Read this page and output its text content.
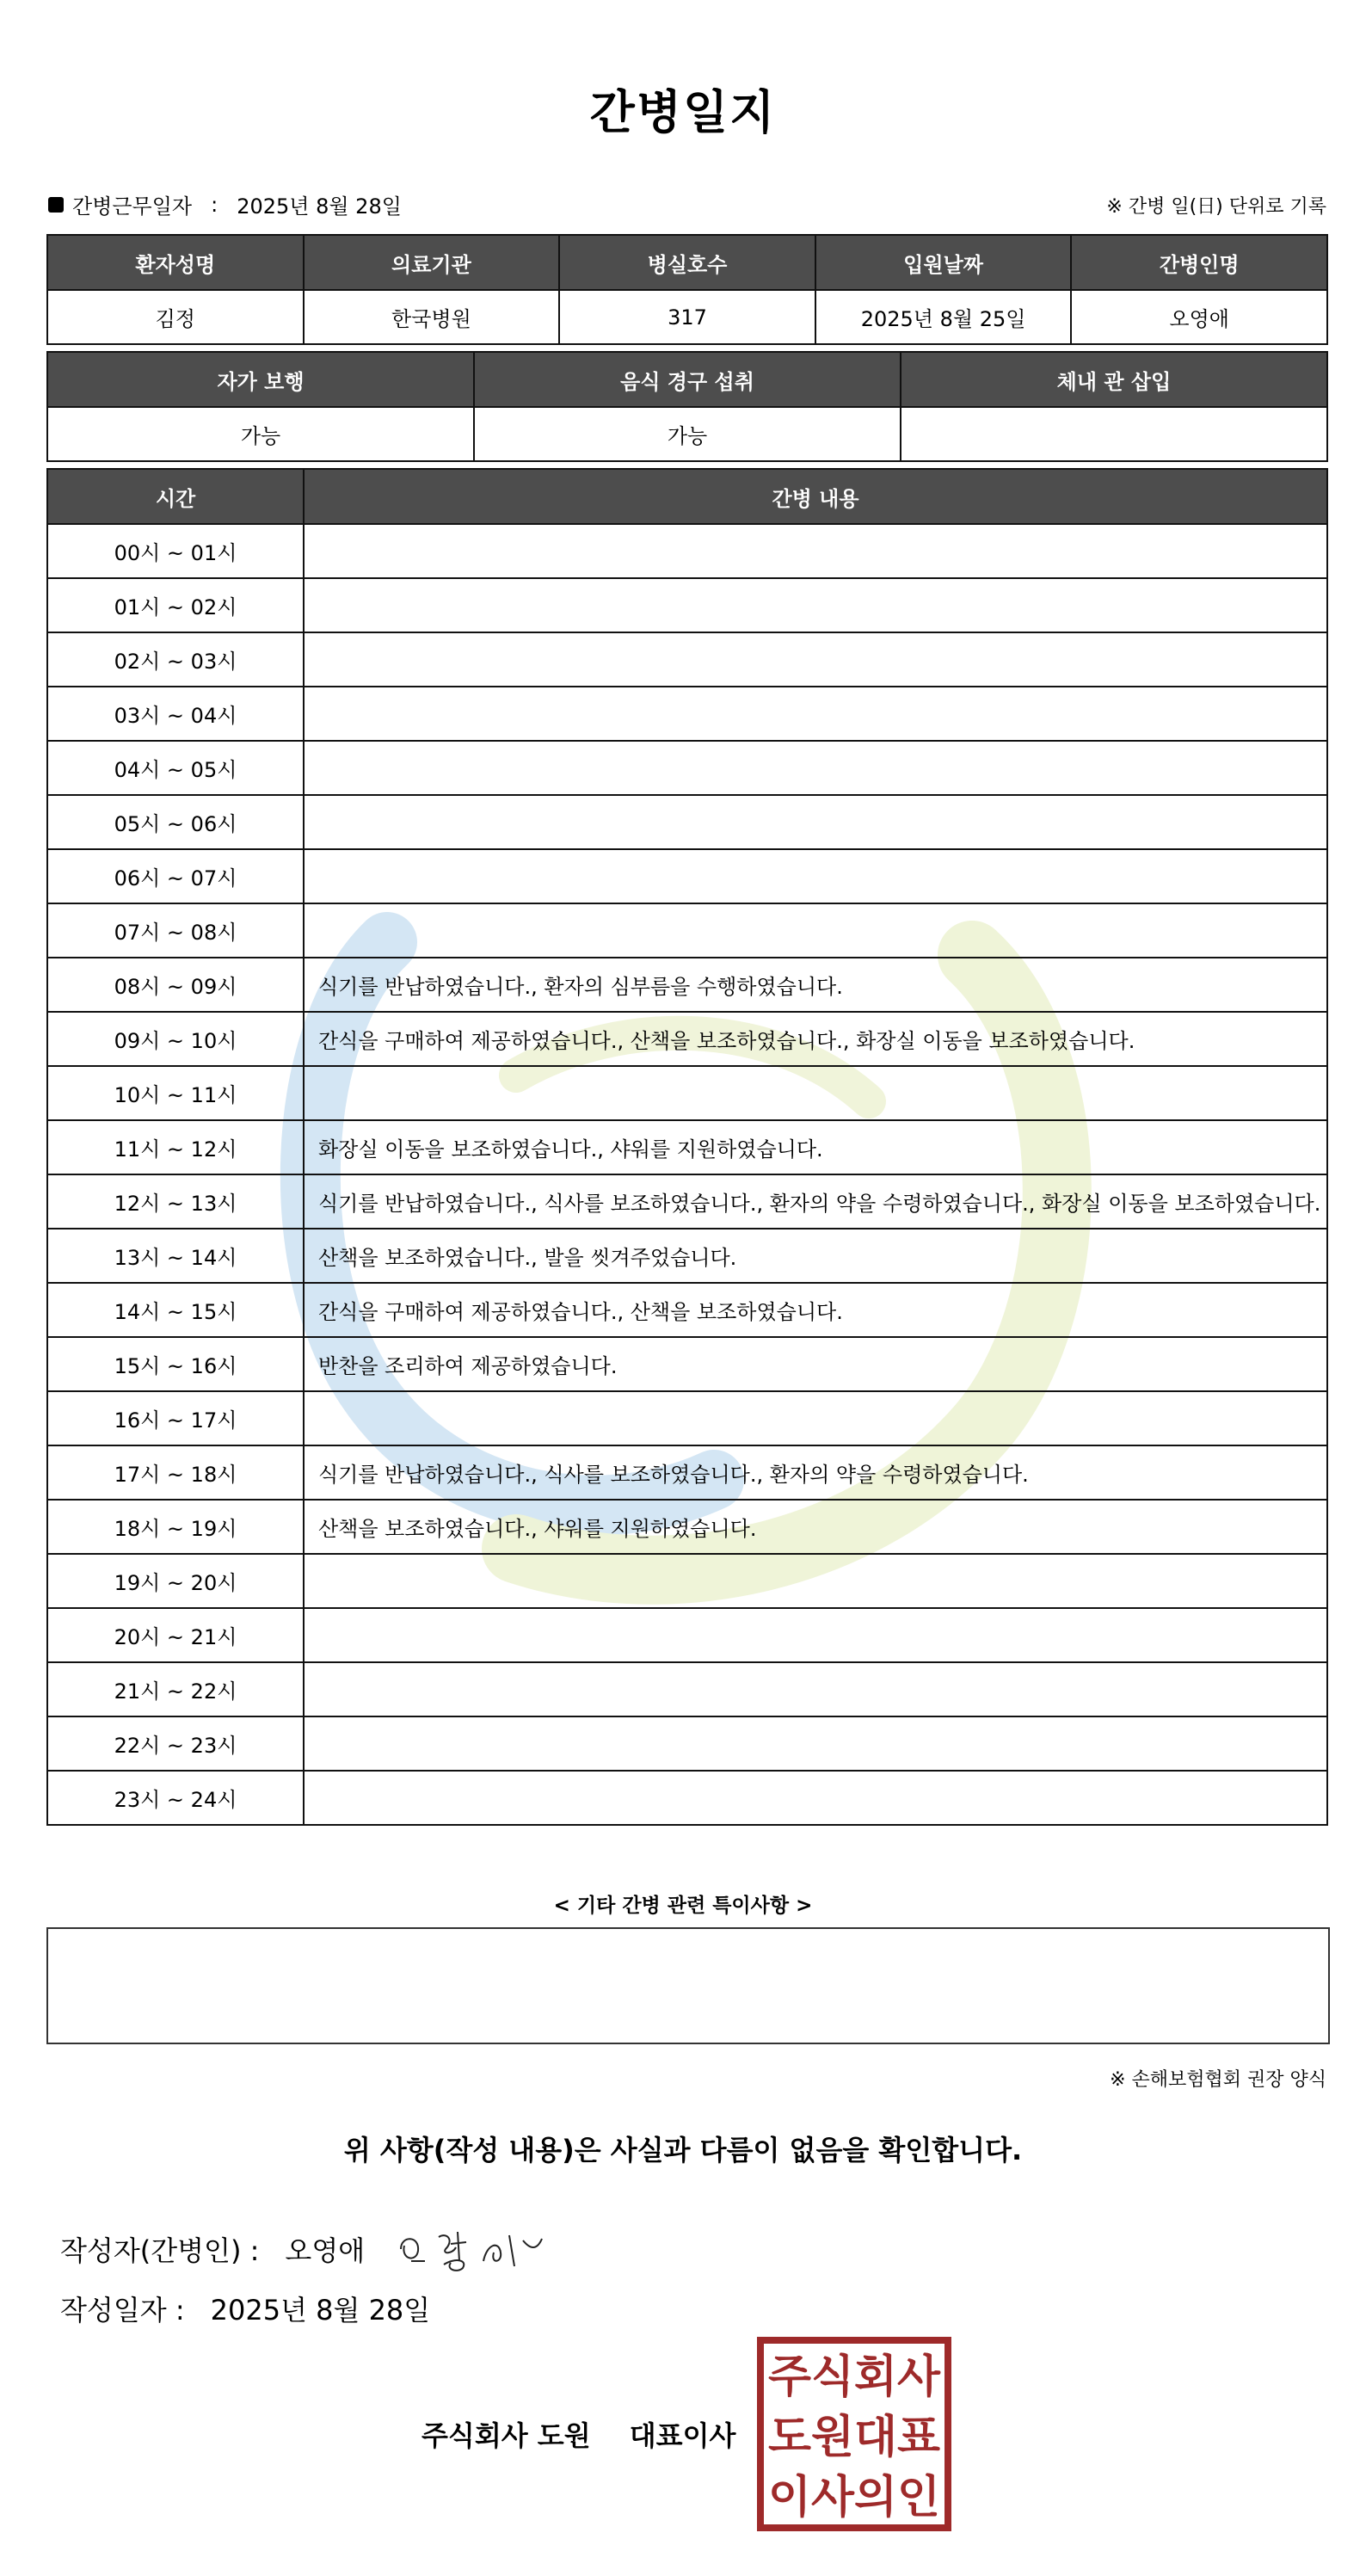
간병일지
간병근무일자 : 2025년 8월 28일	※ 간병 일(日) 단위로 기록
환자성명	의료기관	병실호수	입원날짜	간병인명
김정	한국병원	317	2025년 8월 25일	오영애
자가 보행	음식 경구 섭취	체내 관 삽입
가능	가능	
시간	간병 내용
00시 ~ 01시	
01시 ~ 02시	
02시 ~ 03시	
03시 ~ 04시	
04시 ~ 05시	
05시 ~ 06시	
06시 ~ 07시	
07시 ~ 08시	
08시 ~ 09시	식기를 반납하였습니다., 환자의 심부름을 수행하였습니다.
09시 ~ 10시	간식을 구매하여 제공하였습니다., 산책을 보조하였습니다., 화장실 이동을 보조하였습니다.
10시 ~ 11시	
11시 ~ 12시	화장실 이동을 보조하였습니다., 샤워를 지원하였습니다.
12시 ~ 13시	식기를 반납하였습니다., 식사를 보조하였습니다., 환자의 약을 수령하였습니다., 화장실 이동을 보조하였습니다.
13시 ~ 14시	산책을 보조하였습니다., 발을 씻겨주었습니다.
14시 ~ 15시	간식을 구매하여 제공하였습니다., 산책을 보조하였습니다.
15시 ~ 16시	반찬을 조리하여 제공하였습니다.
16시 ~ 17시	
17시 ~ 18시	식기를 반납하였습니다., 식사를 보조하였습니다., 환자의 약을 수령하였습니다.
18시 ~ 19시	산책을 보조하였습니다., 샤워를 지원하였습니다.
19시 ~ 20시	
20시 ~ 21시	
21시 ~ 22시	
22시 ~ 23시	
23시 ~ 24시	
< 기타 간병 관련 특이사항 >
※ 손해보험협회 권장 양식
위 사항(작성 내용)은 사실과 다름이 없음을 확인합니다.
작성자(간병인) : 오영애
작성일자 : 2025년 8월 28일
주식회사 도원 대표이사
주식회사
도원대표
이사의인
